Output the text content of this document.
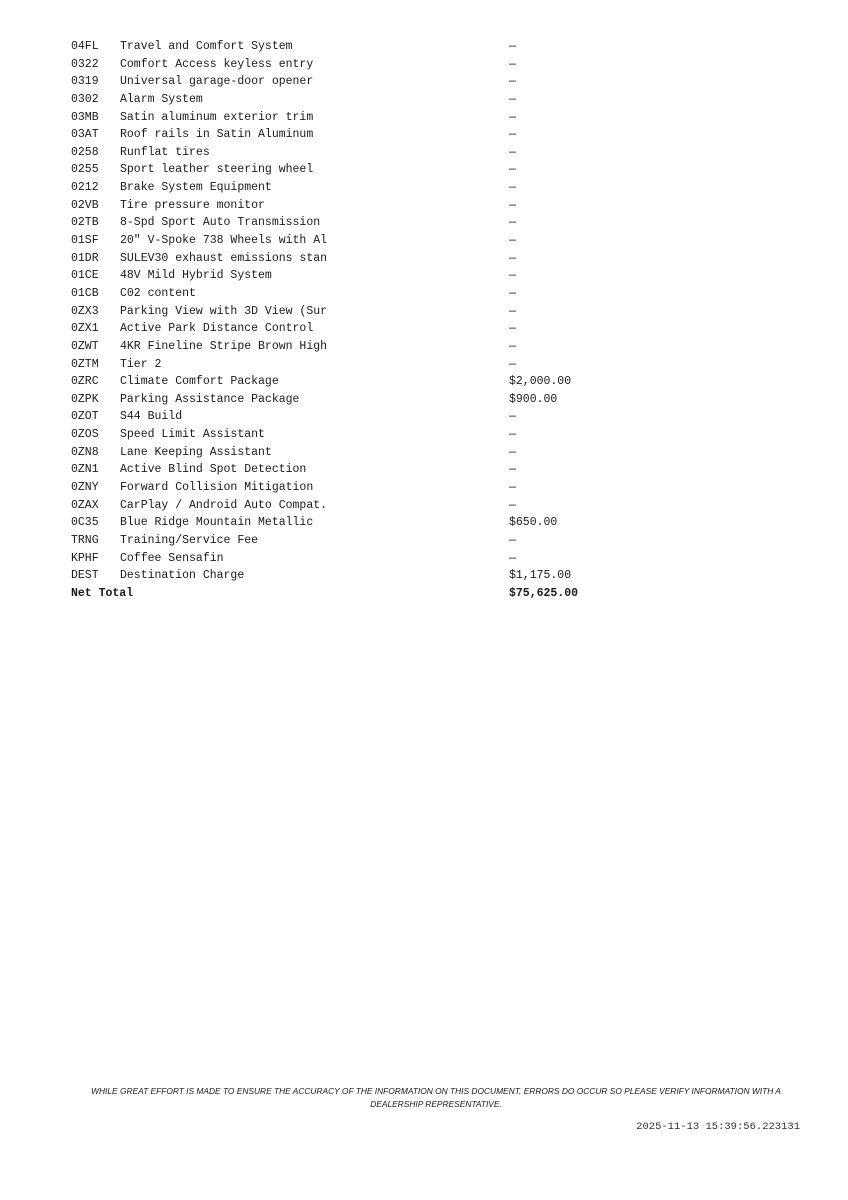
04FL	Travel and Comfort System	—
0322	Comfort Access keyless entry	—
0319	Universal garage-door opener	—
0302	Alarm System	—
03MB	Satin aluminum exterior trim	—
03AT	Roof rails in Satin Aluminum	—
0258	Runflat tires	—
0255	Sport leather steering wheel	—
0212	Brake System Equipment	—
02VB	Tire pressure monitor	—
02TB	8-Spd Sport Auto Transmission	—
01SF	20" V-Spoke 738 Wheels with Al	—
01DR	SULEV30 exhaust emissions stan	—
01CE	48V Mild Hybrid System	—
01CB	C02 content	—
0ZX3	Parking View with 3D View (Sur	—
0ZX1	Active Park Distance Control	—
0ZWT	4KR Fineline Stripe Brown High	—
0ZTM	Tier 2	—
0ZRC	Climate Comfort Package	$2,000.00
0ZPK	Parking Assistance Package	$900.00
0ZOT	S44 Build	—
0ZOS	Speed Limit Assistant	—
0ZN8	Lane Keeping Assistant	—
0ZN1	Active Blind Spot Detection	—
0ZNY	Forward Collision Mitigation	—
0ZAX	CarPlay / Android Auto Compat.	—
0C35	Blue Ridge Mountain Metallic	$650.00
TRNG	Training/Service Fee	—
KPHF	Coffee Sensafin	—
DEST	Destination Charge	$1,175.00
Net Total	$75,625.00
WHILE GREAT EFFORT IS MADE TO ENSURE THE ACCURACY OF THE INFORMATION ON THIS DOCUMENT, ERRORS DO OCCUR SO PLEASE VERIFY INFORMATION WITH A DEALERSHIP REPRESENTATIVE.
2025-11-13 15:39:56.223131
